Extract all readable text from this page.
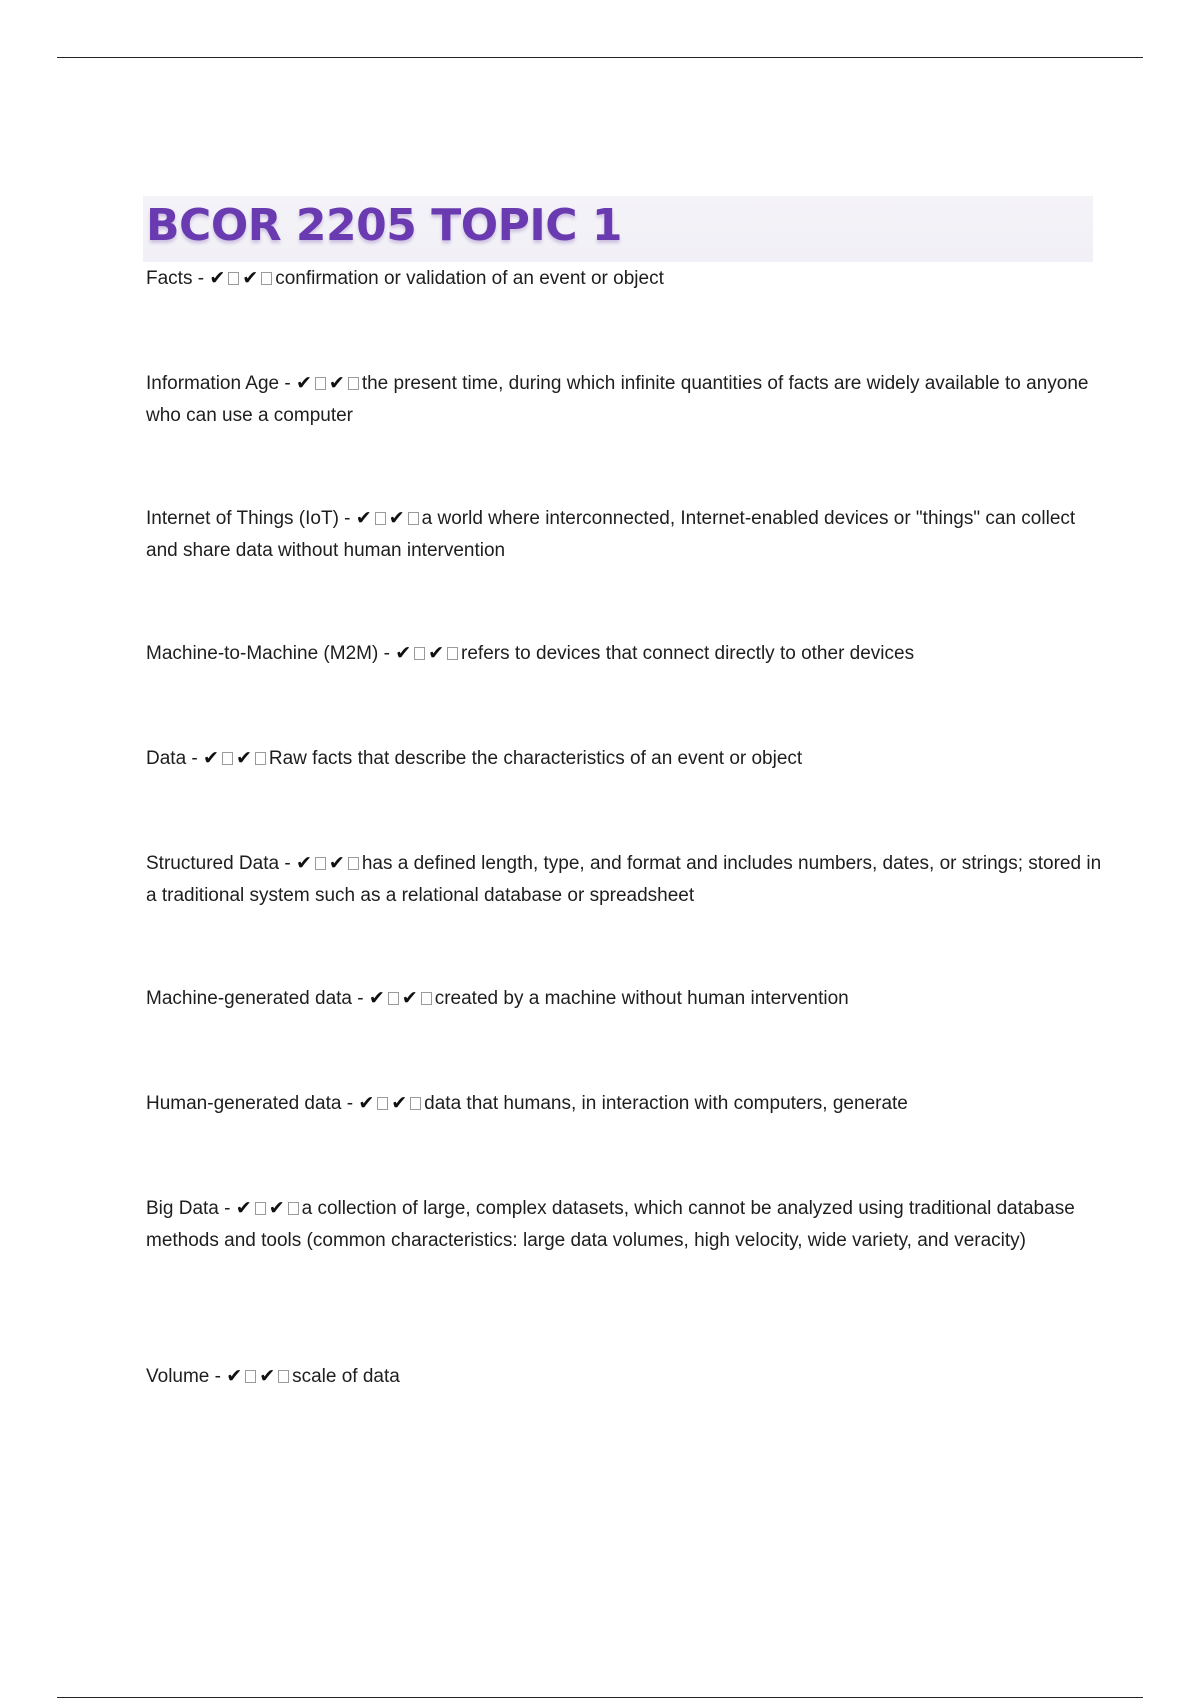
BCOR 2205 TOPIC 1

Facts - ✔ ✔ confirmation or validation of an event or object

Information Age - ✔ ✔ the present time, during which infinite quantities of facts are widely available to anyone who can use a computer

Internet of Things (IoT) - ✔ ✔ a world where interconnected, Internet-enabled devices or "things" can collect and share data without human intervention

Machine-to-Machine (M2M) - ✔ ✔ refers to devices that connect directly to other devices

Data - ✔ ✔ Raw facts that describe the characteristics of an event or object

Structured Data - ✔ ✔ has a defined length, type, and format and includes numbers, dates, or strings; stored in a traditional system such as a relational database or spreadsheet

Machine-generated data - ✔ ✔ created by a machine without human intervention

Human-generated data - ✔ ✔ data that humans, in interaction with computers, generate

Big Data - ✔ ✔ a collection of large, complex datasets, which cannot be analyzed using traditional database methods and tools (common characteristics: large data volumes, high velocity, wide variety, and veracity)

Volume - ✔ ✔ scale of data
